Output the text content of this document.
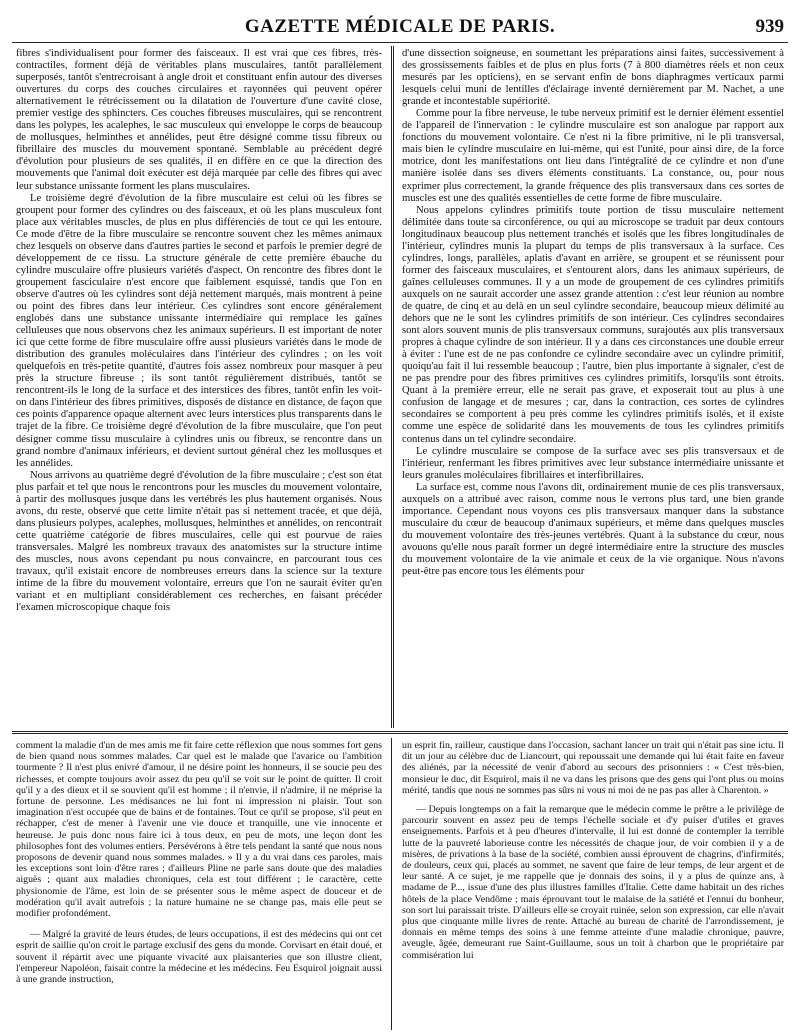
GAZETTE MÉDICALE DE PARIS.	939

fibres s'individualisent pour former des faisceaux. Il est vrai que ces fibres, très-contractiles, forment déjà de véritables plans musculaires, tantôt parallèlement superposés, tantôt s'entrecroisant à angle droit et constituant enfin autour des diverses ouvertures du corps des couches circulaires et rayonnées qui peuvent opérer alternativement le rétrécissement ou la dilatation de l'ouverture d'une cavité close, premier vestige des sphincters. Ces couches fibreuses musculaires, qui se rencontrent dans les polypes, les acalephes, le sac musculeux qui enveloppe le corps de beaucoup de mollusques, helminthes et annélides, peut être désigné comme tissu fibreux ou fibrillaire des muscles du mouvement spontané. Semblable au précédent degré d'évolution pour plusieurs de ses qualités, il en diffère en ce que la direction des mouvements que l'animal doit exécuter est déjà marquée par celle des fibres qui avec leur substance unissante forment les plans musculaires.

Le troisième degré d'évolution de la fibre musculaire est celui où les fibres se groupent pour former des cylindres ou des faisceaux, et où les plans musculeux font place aux véritables muscles, de plus en plus différenciés de tout ce qui les entoure. Ce mode d'être de la fibre musculaire se rencontre souvent chez les mêmes animaux chez lesquels on observe dans d'autres parties le second et parfois le premier degré de développement de ce tissu. La structure générale de cette première ébauche du cylindre musculaire offre plusieurs variétés d'aspect. On rencontre des fibres dont le groupement fasciculaire n'est encore que faiblement esquissé, tandis que l'on en observe d'autres où les cylindres sont déjà nettement marqués, mais montrent à peine ou point des fibres dans leur intérieur. Ces cylindres sont encore généralement englobés dans une substance unissante intermédiaire qui remplace les gaînes celluleuses que nous observons chez les animaux supérieurs. Il est important de noter ici que cette forme de fibre musculaire offre aussi plusieurs variétés dans le mode de distribution des granules moléculaires dans l'intérieur des cylindres ; on les voit quelquefois en très-petite quantité, d'autres fois assez nombreux pour masquer à peu près la structure fibreuse ; ils sont tantôt régulièrement distribués, tantôt se rencontrent-ils le long de la surface et des interstices des fibres, tantôt enfin les voit-on dans l'intérieur des fibres primitives, disposés de distance en distance, de façon que ces points d'apparence opaque alternent avec leurs interstices plus transparents dans le trajet de la fibre. Ce troisième degré d'évolution de la fibre musculaire, que l'on peut désigner comme tissu musculaire à cylindres unis ou fibreux, se rencontre dans un grand nombre d'animaux inférieurs, et devient surtout général chez les mollusques et les annélides.

Nous arrivons au quatrième degré d'évolution de la fibre musculaire ; c'est son état plus parfait et tel que nous le rencontrons pour les muscles du mouvement volontaire, à partir des mollusques jusque dans les vertébrés les plus hautement organisés. Nous avons, du reste, observé que cette limite n'était pas si nettement tracée, et que déjà, dans plusieurs polypes, acalephes, mollusques, helminthes et annélides, on rencontrait cette quatrième catégorie de fibres musculaires, celle qui est pourvue de raies transversales. Malgré les nombreux travaux des anatomistes sur la structure intime des muscles, nous avons cependant pu nous convaincre, en parcourant tous ces travaux, qu'il existait encore de nombreuses erreurs dans la science sur la texture intime de la fibre du mouvement volontaire, erreurs que l'on ne saurait éviter qu'en variant et en multipliant considérablement ces recherches, en faisant précéder l'examen microscopique chaque fois

d'une dissection soigneuse, en soumettant les préparations ainsi faites, successivement à des grossissements faibles et de plus en plus forts (7 à 800 diamètres réels et non ceux mesurés par les opticiens), en se servant enfin de bons diaphragmes verticaux parmi lesquels celui muni de lentilles d'éclairage inventé dernièrement par M. Nachet, a une grande et incontestable supériorité.

Comme pour la fibre nerveuse, le tube nerveux primitif est le dernier élément essentiel de l'appareil de l'innervation : le cylindre musculaire est son analogue par rapport aux fonctions du mouvement volontaire. Ce n'est ni la fibre primitive, ni le pli transversal, mais bien le cylindre musculaire en lui-même, qui est l'unité, pour ainsi dire, de la force motrice, dont les manifestations ont lieu dans l'intégralité de ce cylindre et non d'une manière isolée dans ses divers éléments constituants. La constance, ou, pour nous exprimer plus correctement, la grande fréquence des plis transversaux dans ces sortes de muscles est une des qualités essentielles de cette forme de fibre musculaire.

Nous appelons cylindres primitifs toute portion de tissu musculaire nettement délimitée dans toute sa circonférence, ou qui au microscope se traduit par deux contours longitudinaux beaucoup plus nettement tranchés et isolés que les fibres longitudinales de l'intérieur, cylindres munis la plupart du temps de plis transversaux à la surface. Ces cylindres, longs, parallèles, aplatis d'avant en arrière, se groupent et se réunissent pour former des faisceaux musculaires, et s'entourent alors, dans les animaux supérieurs, de gaînes celluleuses communes. Il y a un mode de groupement de ces cylindres primitifs auxquels on ne saurait accorder une assez grande attention : c'est leur réunion au nombre de quatre, de cinq et au delà en un seul cylindre secondaire, beaucoup mieux délimité au dehors que ne le sont les cylindres primitifs de son intérieur. Ces cylindres secondaires sont alors souvent munis de plis transversaux communs, surajoutés aux plis transversaux propres à chaque cylindre de son intérieur. Il y a dans ces circonstances une double erreur à éviter : l'une est de ne pas confondre ce cylindre secondaire avec un cylindre primitif, quoiqu'au fait il lui ressemble beaucoup ; l'autre, bien plus importante à signaler, c'est de ne pas prendre pour des fibres primitives ces cylindres primitifs, lorsqu'ils sont étroits. Quant à la première erreur, elle ne serait pas grave, et exposerait tout au plus à une confusion de langage et de mesures ; car, dans la contraction, ces sortes de cylindres secondaires se comportent à peu près comme les cylindres primitifs isolés, et il existe comme une espèce de solidarité dans les mouvements de tous les cylindres primitifs contenus dans un tel cylindre secondaire.

Le cylindre musculaire se compose de la surface avec ses plis transversaux et de l'intérieur, renfermant les fibres primitives avec leur substance intermédiaire unissante et leurs granules moléculaires fibrillaires et interfibrillaires.

La surface est, comme nous l'avons dit, ordinairement munie de ces plis transversaux, auxquels on a attribué avec raison, comme nous le verrons plus tard, une bien grande importance. Cependant nous voyons ces plis transversaux manquer dans la substance musculaire du cœur de beaucoup d'animaux supérieurs, et même dans quelques muscles du mouvement volontaire des très-jeunes vertébrés. Quant à la substance du cœur, nous avouons qu'elle nous paraît former un degré intermédiaire entre la structure des muscles du mouvement volontaire de la vie animale et ceux de la vie organique. Nous n'avons peut-être pas encore tous les éléments pour

comment la maladie d'un de mes amis me fit faire cette réflexion que nous sommes fort gens de bien quand nous sommes malades. Car quel est le malade que l'avarice ou l'ambition tourmente ? Il n'est plus enivré d'amour, il ne désire point les honneurs, il se soucie peu des richesses, et compte toujours avoir assez du peu qu'il se voit sur le point de quitter. Il croit qu'il y a des dieux et il se souvient qu'il est homme ; il n'envie, il n'admire, il ne méprise la fortune de personne. Les médisances ne lui font ni impression ni plaisir. Tout son imagination n'est occupée que de bains et de fontaines. Tout ce qu'il se propose, s'il peut en réchapper, c'est de mener à l'avenir une vie douce et tranquille, une vie innocente et heureuse. Je puis donc nous faire ici à tous deux, en peu de mots, une leçon dont les philosophes font des volumes entiers. Persévérons à être tels pendant la santé que nous nous proposons de devenir quand nous sommes malades. » Il y a du vrai dans ces paroles, mais les exceptions sont loin d'être rares ; d'ailleurs Pline ne parle sans doute que des maladies aiguës ; quant aux maladies chroniques, cela est tout différent ; le caractère, cette physionomie de l'âme, est loin de se présenter sous le même aspect de douceur et de modération qu'il avait autrefois ; la nature humaine ne se change pas, mais elle peut se modifier profondément.

— Malgré la gravité de leurs études, de leurs occupations, il est des médecins qui ont cet esprit de saillie qu'on croit le partage exclusif des gens du monde. Corvisart en était doué, et souvent il répartit avec une piquante vivacité aux plaisanteries que son illustre client, l'empereur Napoléon, faisait contre la médecine et les médecins. Feu Esquirol joignait aussi à une grande instruction,

un esprit fin, railleur, caustique dans l'occasion, sachant lancer un trait qui n'était pas sine ictu. Il dit un jour au célèbre duc de Liancourt, qui repoussait une demande qui lui était faite en faveur des aliénés, par la nécessité de venir d'abord au secours des prisonniers : « C'est très-bien, monsieur le duc, dit Esquirol, mais il ne va dans les prisons que des gens qui l'ont plus ou moins mérité, tandis que nous ne sommes pas sûrs ni vous ni moi de ne pas pas aller à Charenton. »

— Depuis longtemps on a fait la remarque que le médecin comme le prêtre a le privilège de parcourir souvent en assez peu de temps l'échelle sociale et d'y puiser d'utiles et graves enseignements. Parfois et à peu d'heures d'intervalle, il lui est donné de contempler la terrible lutte de la pauvreté laborieuse contre les nécessités de chaque jour, de voir combien il y a de misères, de privations à la base de la société, combien aussi éprouvent de chagrins, d'infirmités, de douleurs, ceux qui, placés au sommet, ne savent que faire de leur temps, de leur argent et de leur santé. A ce sujet, je me rappelle que je donnais des soins, il y a plus de quinze ans, à madame de P..., issue d'une des plus illustres familles d'Italie. Cette dame habitait un des riches hôtels de la place Vendôme ; mais éprouvant tout le malaise de la satiété et l'ennui du bonheur, son sort lui paraissait triste. D'ailleurs elle se croyait ruinée, selon son expression, car elle n'avait plus que cinquante mille livres de rente. Attaché au bureau de charité de l'arrondissement, je donnais en même temps des soins à une femme atteinte d'une maladie chronique, pauvre, aveugle, âgée, demeurant rue Saint-Guillaume, sous un toit à charbon que le propriétaire par commisération lui
